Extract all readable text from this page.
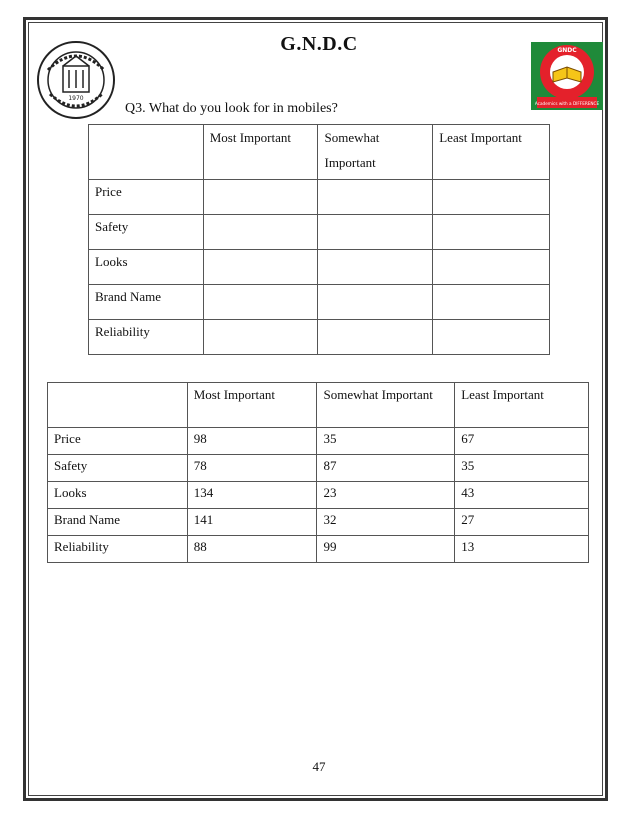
G.N.D.C
1970
GNDC
Academics with a DIFFERENCE
Q3. What do you look for in mobiles?
	Most Important	Somewhat Important	Least Important
Price			
Safety			
Looks			
Brand Name			
Reliability			
	Most Important	Somewhat Important	Least Important
Price	98	35	67
Safety	78	87	35
Looks	134	23	43
Brand Name	141	32	27
Reliability	88	99	13
47
